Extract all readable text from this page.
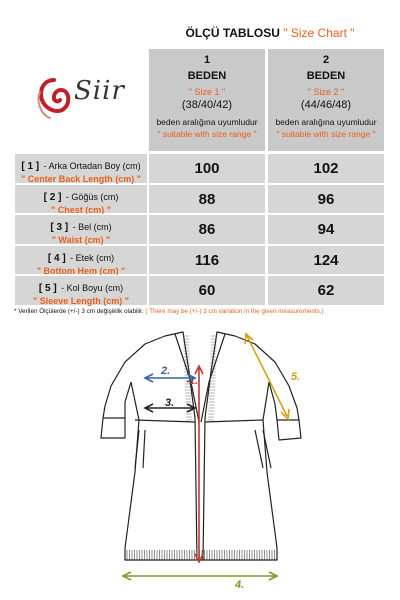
ÖLÇÜ TABLOSU " Size Chart "
Siir
1
BEDEN
" Size 1 "
(38/40/42)
beden aralığına uyumludur
" suitable with size range "
2
BEDEN
" Size 2 "
(44/46/48)
beden aralığına uyumludur
" suitable with size range "
[ 1 ] - Arka Ortadan Boy (cm)
" Center Back Length (cm) "
100	102
[ 2 ] - Göğüs (cm)
" Chest (cm) "
88	96
[ 3 ] - Bel (cm)
" Waist (cm) "
86	94
[ 4 ] - Etek (cm)
" Bottom Hem (cm) "
116	124
[ 5 ] - Kol Boyu (cm)
" Sleeve Length (cm) "
60	62
* Verilen Ölçülerde (+/-) 3 cm değişiklik olabilir. ( There may be (+/-) 3 cm variation in the given measurements.)
1.
2.
3.
4.
5.
